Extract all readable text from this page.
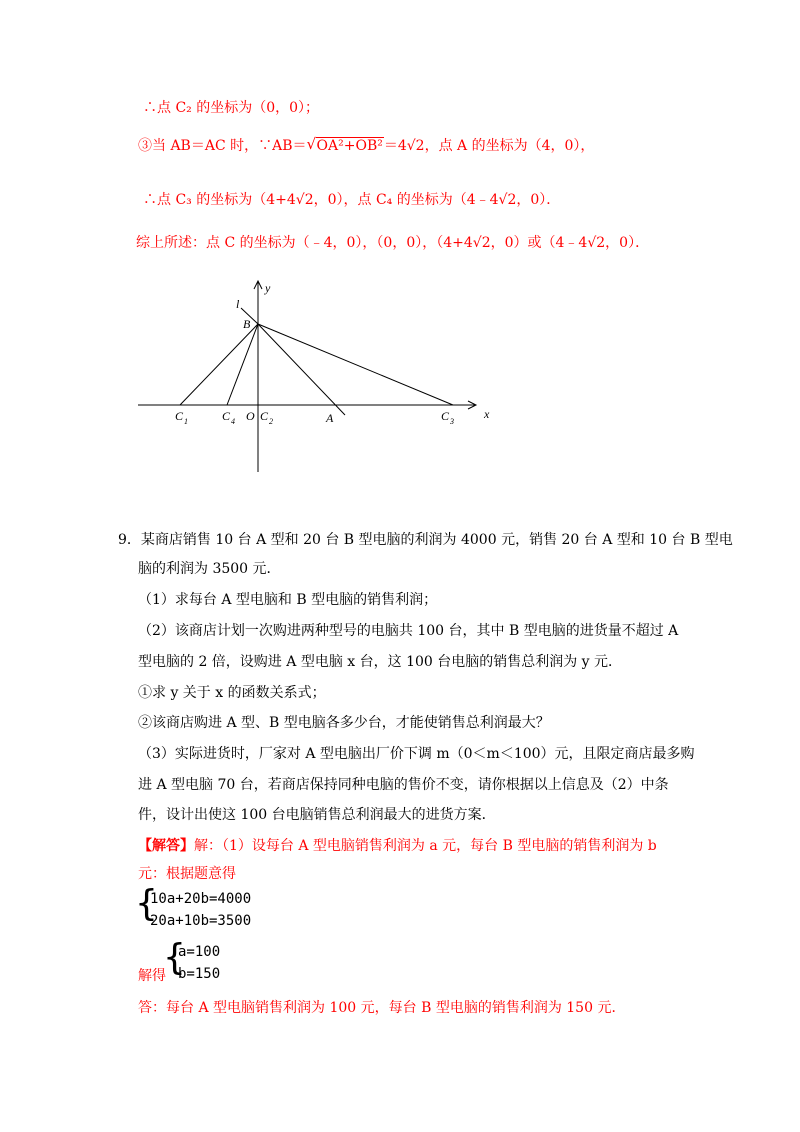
∴点 C₂ 的坐标为（0，0）；
③当 AB＝AC 时，∵AB＝√ OA²+OB²＝4√2，点 A 的坐标为（4，0），
∴点 C₃ 的坐标为（4+4√2，0），点 C₄ 的坐标为（4﹣4√2，0）．
综上所述：点 C 的坐标为（﹣4，0），（0，0），（4+4√2，0）或（4﹣4√2，0）．
l
y
x
B
O	A
C 1	C 4 C 2	C 3
9．某商店销售 10 台 A 型和 20 台 B 型电脑的利润为 4000 元，销售 20 台 A 型和 10 台 B 型电
脑的利润为 3500 元．
（1）求每台 A 型电脑和 B 型电脑的销售利润；
（2）该商店计划一次购进两种型号的电脑共 100 台，其中 B 型电脑的进货量不超过 A
型电脑的 2 倍，设购进 A 型电脑 x 台，这 100 台电脑的销售总利润为 y 元．
①求 y 关于 x 的函数关系式；
②该商店购进 A 型、B 型电脑各多少台，才能使销售总利润最大？
（3）实际进货时，厂家对 A 型电脑出厂价下调 m（0＜m＜100）元，且限定商店最多购
进 A 型电脑 70 台，若商店保持同种电脑的售价不变，请你根据以上信息及（2）中条
件，设计出使这 100 台电脑销售总利润最大的进货方案．
【解答】解：（1）设每台 A 型电脑销售利润为 a 元，每台 B 型电脑的销售利润为 b
元：根据题意得
{
10a+20b=4000
20a+10b=3500
解得
{
a=100
b=150
答：每台 A 型电脑销售利润为 100 元，每台 B 型电脑的销售利润为 150 元．
